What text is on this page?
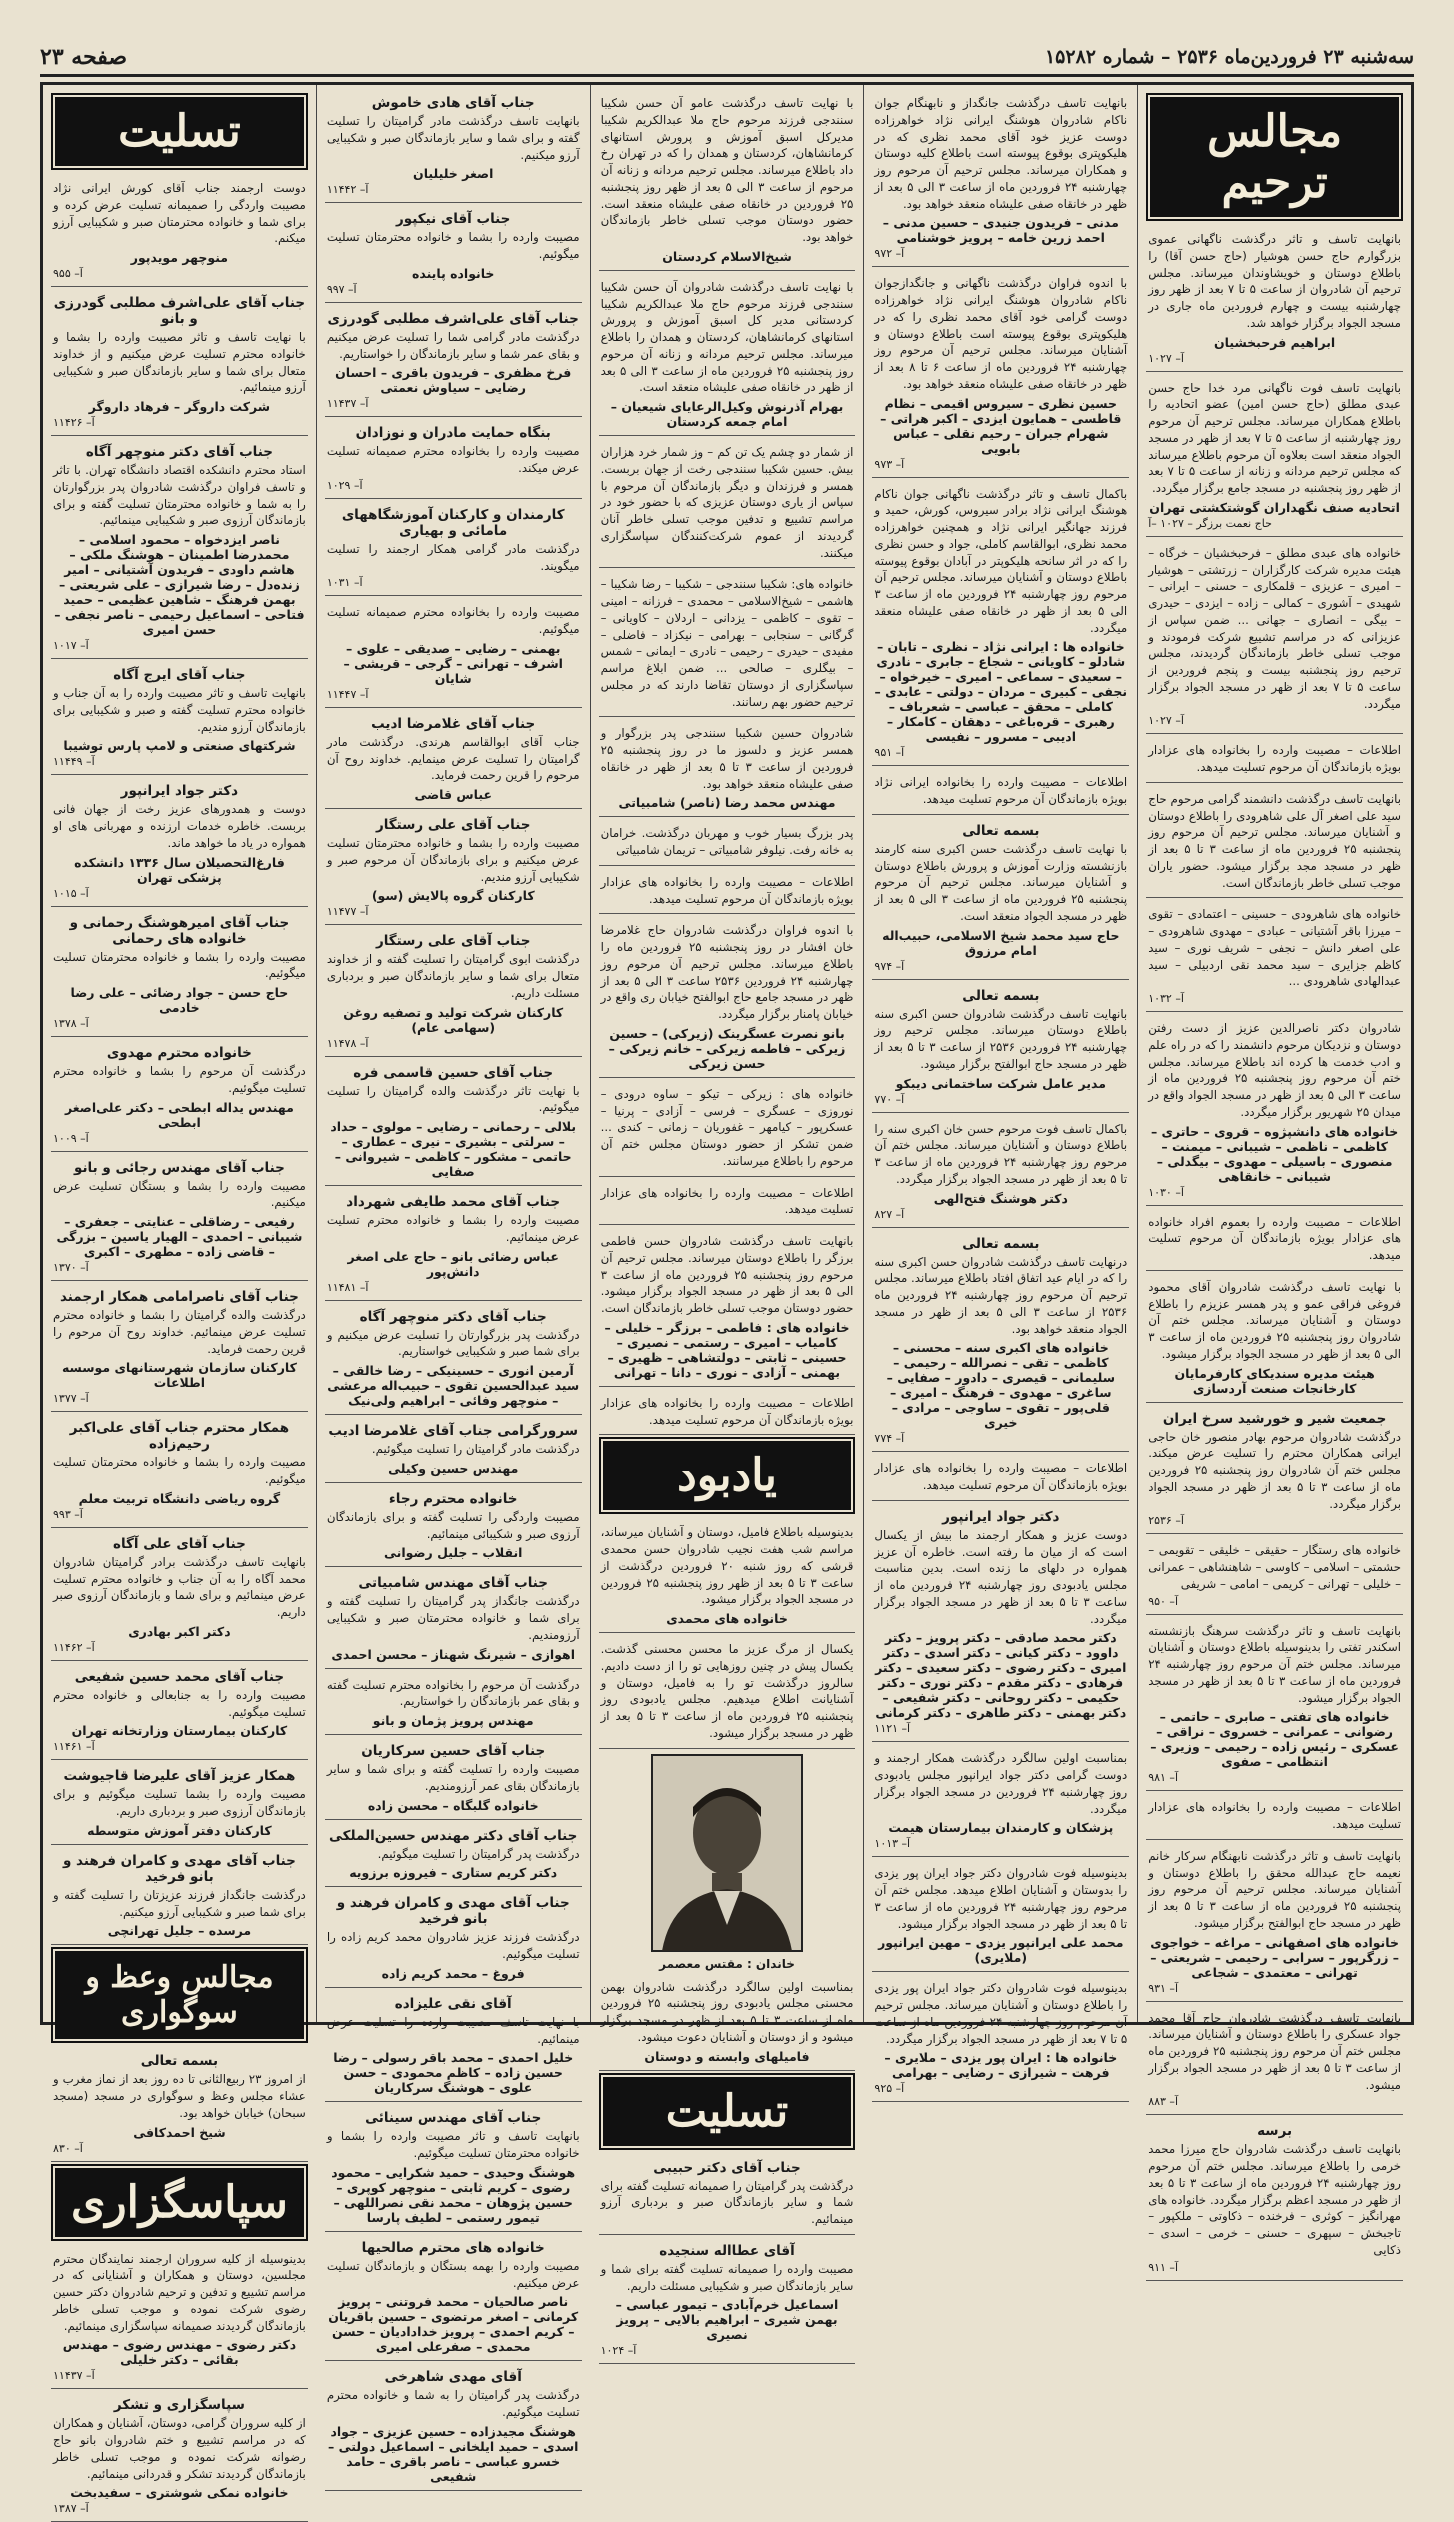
سه‌شنبه ۲۳ فروردین‌ماه ۲۵۳۶ – شماره ۱۵۲۸۲
صفحه ۲۳
مجالس ترحیم
بانهایت تاسف و تاثر درگذشت ناگهانی عموی بزرگوارم حاج حسن هوشیار (حاج حسن آقا) را باطلاع دوستان و خویشاوندان میرساند. مجلس ترحیم آن شادروان از ساعت ۵ تا ۷ بعد از ظهر روز چهارشنبه بیست و چهارم فروردین ماه جاری در مسجد الجواد برگزار خواهد شد.
ابراهیم فرحبخشیان
۱۰۲۷ –آ
بانهایت تاسف فوت ناگهانی مرد خدا حاج حسن عبدی مطلق (حاج حسن امین) عضو اتحادیه را باطلاع همکاران میرساند. مجلس ترحیم آن مرحوم روز چهارشنبه از ساعت ۵ تا ۷ بعد از ظهر در مسجد الجواد منعقد است بعلاوه آن مرحوم باطلاع میرساند که مجلس ترحیم مردانه و زنانه از ساعت ۵ تا ۷ بعد از ظهر روز پنجشنبه در مسجد جامع برگزار میگردد.
اتحادیه صنف نگهداران گوشتکشتی تهران
حاج نعمت برزگر – ۱۰۲۷ –آ
خانواده های عبدی مطلق – فرحبخشیان – خرگاه – هیئت مدیره شرکت کارگزاران – زرتشتی – هوشیار – امیری – عزیزی – قلمکاری – حسنی – ایرانی – شهیدی – آشوری – کمالی – زاده – ایزدی – حیدری – بیگی – انصاری – جهانی ... ضمن سپاس از عزیزانی که در مراسم تشییع شرکت فرمودند و موجب تسلی خاطر بازماندگان گردیدند، مجلس ترحیم روز پنجشنبه بیست و پنجم فروردین از ساعت ۵ تا ۷ بعد از ظهر در مسجد الجواد برگزار میگردد.
۱۰۲۷ –آ
اطلاعات – مصیبت وارده را بخانواده های عزادار بویژه بازماندگان آن مرحوم تسلیت میدهد.
بانهایت تاسف درگذشت دانشمند گرامی مرحوم حاج سید علی اصغر آل علی شاهرودی را باطلاع دوستان و آشنایان میرساند. مجلس ترحیم آن مرحوم روز پنجشنبه ۲۵ فروردین ماه از ساعت ۳ تا ۵ بعد از ظهر در مسجد مجد برگزار میشود. حضور یاران موجب تسلی خاطر بازماندگان است.
خانواده های شاهرودی – حسینی – اعتمادی – تقوی – میرزا باقر آشتیانی – عبادی – مهدوی شاهرودی – علی اصغر دانش – نجفی – شریف نوری – سید کاظم جزایری – سید محمد نقی اردبیلی – سید عبدالهادی شاهرودی ...
۱۰۳۲ –آ
شادروان دکتر ناصرالدین عزیز از دست رفتن دوستان و نزدیکان مرحوم دانشمند را که در راه علم و ادب خدمت ها کرده اند باطلاع میرساند. مجلس ختم آن مرحوم روز پنجشنبه ۲۵ فروردین ماه از ساعت ۳ الی ۵ بعد از ظهر در مسجد الجواد واقع در میدان ۲۵ شهریور برگزار میگردد.
خانواده های دانشپژوه – قروی – حاتری – کاظمی – ناظمی – شیبانی – میمنت – منصوری – باسیلی – مهدوی – بیگدلی – شیبانی – خانقاهی
۱۰۳۰ –آ
اطلاعات – مصیبت وارده را بعموم افراد خانواده های عزادار بویژه بازماندگان آن مرحوم تسلیت میدهد.
با نهایت تاسف درگذشت شادروان آقای محمود فروغی فراقی عمو و پدر همسر عزیزم را باطلاع دوستان و آشنایان میرساند. مجلس ختم آن شادروان روز پنجشنبه ۲۵ فروردین ماه از ساعت ۳ الی ۵ بعد از ظهر در مسجد الجواد برگزار میشود.
هیئت مدیره سندیکای کارفرمایان کارخانجات صنعت آردسازی
جمعیت شیر و خورشید سرخ ایران
درگذشت شادروان مرحوم بهادر منصور خان حاجی ایرانی همکاران محترم را تسلیت عرض میکند. مجلس ختم آن شادروان روز پنجشنبه ۲۵ فروردین ماه از ساعت ۳ تا ۵ بعد از ظهر در مسجد الجواد برگزار میگردد.
۲۵۳۶ –آ
خانواده های رستگار – حقیقی – خلیقی – تقویمی – حشمتی – اسلامی – کاوسی – شاهنشاهی – عمرانی – خلیلی – تهرانی – کریمی – امامی – شریفی
۹۵۰ –آ
بانهایت تاسف و تاثر درگذشت سرهنگ بازنشسته اسکندر تفتی را بدینوسیله باطلاع دوستان و آشنایان میرساند. مجلس ختم آن مرحوم روز چهارشنبه ۲۴ فروردین ماه از ساعت ۳ تا ۵ بعد از ظهر در مسجد الجواد برگزار میشود.
خانواده های تفتی – صابری – حاتمی – رضوانی – عمرانی – خسروی – نراقی – عسکری – رئیس زاده – رحیمی – وزیری – انتظامی – صفوی
۹۸۱ –آ
اطلاعات – مصیبت وارده را بخانواده های عزادار تسلیت میدهد.
بانهایت تاسف و تاثر درگذشت نابهنگام سرکار خانم نعیمه حاج عبدالله محقق را باطلاع دوستان و آشنایان میرساند. مجلس ترحیم آن مرحوم روز پنجشنبه ۲۵ فروردین ماه از ساعت ۳ تا ۵ بعد از ظهر در مسجد حاج ابوالفتح برگزار میشود.
خانواده های اصفهانی – مراغه – خواجوی – زرگرپور – سرابی – رحیمی – شریعتی – تهرانی – معتمدی – شجاعی
۹۳۱ –آ
بانهایت تاسف درگذشت شادروان حاج آقا محمد جواد عسکری را باطلاع دوستان و آشنایان میرساند. مجلس ختم آن مرحوم روز پنجشنبه ۲۵ فروردین ماه از ساعت ۳ تا ۵ بعد از ظهر در مسجد الجواد برگزار میشود.
۸۸۳ –آ
برسه
بانهایت تاسف درگذشت شادروان حاج میرزا محمد خرمی را باطلاع میرساند. مجلس ختم آن مرحوم روز چهارشنبه ۲۴ فروردین ماه از ساعت ۳ تا ۵ بعد از ظهر در مسجد اعظم برگزار میگردد. خانواده های مهرانگیز – کوثری – فرخنده – ذکاوتی – ملکپور – تاجبخش – سپهری – حسنی – خرمی – اسدی – ذکایی
۹۱۱ –آ
بانهایت تاسف درگذشت جانگداز و نابهنگام جوان ناکام شادروان هوشنگ ایرانی نژاد خواهرزاده دوست عزیز خود آقای محمد نظری که در هلیکوپتری بوقوع پیوسته است باطلاع کلیه دوستان و همکاران میرساند. مجلس ترحیم آن مرحوم روز چهارشنبه ۲۴ فروردین ماه از ساعت ۳ الی ۵ بعد از ظهر در خانقاه صفی علیشاه منعقد خواهد بود.
مدنی – فریدون جنیدی – حسین مدنی – احمد زرین خامه – پرویز خوشنامی
۹۷۲ –آ
با اندوه فراوان درگذشت ناگهانی و جانگدازجوان ناکام شادروان هوشنگ ایرانی نژاد خواهرزاده دوست گرامی خود آقای محمد نظری را که در هلیکوپتری بوقوع پیوسته است باطلاع دوستان و آشنایان میرساند. مجلس ترحیم آن مرحوم روز چهارشنبه ۲۴ فروردین ماه از ساعت ۶ تا ۸ بعد از ظهر در خانقاه صفی علیشاه منعقد خواهد بود.
حسین نظری – سیروس اقیمی – نظام قاطسی – همایون ایزدی – اکبر هراتی – شهرام جبران – رحیم نقلی – عباس بابویی
۹۷۳ –آ
باکمال تاسف و تاثر درگذشت ناگهانی جوان ناکام هوشنگ ایرانی نژاد برادر سیروس، کورش، حمید و فرزند جهانگیر ایرانی نژاد و همچنین خواهرزاده محمد نظری، ابوالقاسم کاملی، جواد و حسن نظری را که در اثر سانحه هلیکوپتر در آبادان بوقوع پیوسته باطلاع دوستان و آشنایان میرساند. مجلس ترحیم آن مرحوم روز چهارشنبه ۲۴ فروردین ماه از ساعت ۳ الی ۵ بعد از ظهر در خانقاه صفی علیشاه منعقد میگردد.
خانواده ها : ایرانی نژاد – نظری – تابان – شادلو – کاویانی – شجاع – جابری – نادری – سعیدی – سماعی – امیری – خیرخواه – نجفی – کبیری – مردان – دولتی – عابدی – کاملی – محقق – عباسی – شعرباف – رهبری – قره‌باغی – دهقان – کامکار – ادیبی – مسرور – نفیسی
۹۵۱ –آ
اطلاعات – مصیبت وارده را بخانواده ایرانی نژاد بویژه بازماندگان آن مرحوم تسلیت میدهد.
بسمه تعالی
با نهایت تاسف درگذشت حسن اکبری سنه کارمند بازنشسته وزارت آموزش و پرورش باطلاع دوستان و آشنایان میرساند. مجلس ترحیم آن مرحوم پنجشنبه ۲۵ فروردین ماه از ساعت ۳ الی ۵ بعد از ظهر در مسجد الجواد منعقد است.
حاج سید محمد شیخ الاسلامی، حبیب‌اله امام مرزوق
۹۷۴ –آ
بسمه تعالی
بانهایت تاسف درگذشت شادروان حسن اکبری سنه باطلاع دوستان میرساند. مجلس ترحیم روز چهارشنبه ۲۴ فروردین ۲۵۳۶ از ساعت ۳ تا ۵ بعد از ظهر در مسجد حاج ابوالفتح برگزار میشود.
مدیر عامل شرکت ساختمانی دیبکو
۷۷۰ –آ
باکمال تاسف فوت مرحوم حسن خان اکبری سنه را باطلاع دوستان و آشنایان میرساند. مجلس ختم آن مرحوم روز چهارشنبه ۲۴ فروردین ماه از ساعت ۳ تا ۵ بعد از ظهر در مسجد الجواد برگزار میگردد.
دکتر هوشنگ فتح‌الهی
۸۲۷ –آ
بسمه تعالی
درنهایت تاسف درگذشت شادروان حسن اکبری سنه را که در ایام عید اتفاق افتاد باطلاع میرساند. مجلس ترحیم آن مرحوم روز چهارشنبه ۲۴ فروردین ماه ۲۵۳۶ از ساعت ۳ الی ۵ بعد از ظهر در مسجد الجواد منعقد خواهد بود.
خانواده های اکبری سنه – محسنی – کاظمی – تقی – نصرالله – رحیمی – سلیمانی – قیصری – دادور – صفایی – ساغری – مهدوی – فرهنگ – امیری – قلی‌پور – تقوی – ساوجی – مرادی – خیری
۷۷۴ –آ
اطلاعات – مصیبت وارده را بخانواده های عزادار بویژه بازماندگان آن مرحوم تسلیت میدهد.
دکتر جواد ایرانپور
دوست عزیز و همکار ارجمند ما بیش از یکسال است که از میان ما رفته است. خاطره آن عزیز همواره در دلهای ما زنده است. بدین مناسبت مجلس یادبودی روز چهارشنبه ۲۴ فروردین ماه از ساعت ۳ تا ۵ بعد از ظهر در مسجد الجواد برگزار میگردد.
دکتر محمد صادقی – دکتر پرویز – دکتر داوود – دکتر کیانی – دکتر اسدی – دکتر امیری – دکتر رضوی – دکتر سعیدی – دکتر فرهادی – دکتر مقدم – دکتر نوری – دکتر حکیمی – دکتر روحانی – دکتر شفیعی – دکتر بهمنی – دکتر طاهری – دکتر کرمانی
۱۱۲۱ –آ
بمناسبت اولین سالگرد درگذشت همکار ارجمند و دوست گرامی دکتر جواد ایرانپور مجلس یادبودی روز چهارشنبه ۲۴ فروردین در مسجد الجواد برگزار میگردد.
پزشکان و کارمندان بیمارستان هیمت
۱۰۱۳ –آ
بدینوسیله فوت شادروان دکتر جواد ایران پور یزدی را بدوستان و آشنایان اطلاع میدهد. مجلس ختم آن مرحوم روز چهارشنبه ۲۴ فروردین ماه از ساعت ۳ تا ۵ بعد از ظهر در مسجد الجواد برگزار میشود.
محمد علی ایرانپور یزدی – مهین ایرانپور (ملایری)
بدینوسیله فوت شادروان دکتر جواد ایران پور یزدی را باطلاع دوستان و آشنایان میرساند. مجلس ترحیم آن مرحوم روز چهارشنبه ۲۴ فروردین ماه از ساعت ۵ تا ۷ بعد از ظهر در مسجد الجواد برگزار میگردد.
خانواده ها : ایران پور یزدی – ملایری – فرهت – شیرازی – رضایی – بهرامی
۹۲۵ –آ
با نهایت تاسف درگذشت عامو آن حسن شکیبا سنندجی فرزند مرحوم حاج ملا عبدالکریم شکیبا مدیرکل اسبق آموزش و پرورش استانهای کرمانشاهان، کردستان و همدان را که در تهران رخ داد باطلاع میرساند. مجلس ترحیم مردانه و زنانه آن مرحوم از ساعت ۳ الی ۵ بعد از ظهر روز پنجشنبه ۲۵ فروردین در خانقاه صفی علیشاه منعقد است. حضور دوستان موجب تسلی خاطر بازماندگان خواهد بود.
شیخ‌الاسلام کردستان
با نهایت تاسف درگذشت شادروان آن حسن شکیبا سنندجی فرزند مرحوم حاج ملا عبدالکریم شکیبا کردستانی مدیر کل اسبق آموزش و پرورش استانهای کرمانشاهان، کردستان و همدان را باطلاع میرساند. مجلس ترحیم مردانه و زنانه آن مرحوم روز پنجشنبه ۲۵ فروردین ماه از ساعت ۳ الی ۵ بعد از ظهر در خانقاه صفی علیشاه منعقد است.
بهرام آذرنوش وکیل‌الرعایای شیعیان – امام جمعه کردستان
از شمار دو چشم یک تن کم – وز شمار خرد هزاران بیش. حسین شکیبا سنندجی رخت از جهان بربست. همسر و فرزندان و دیگر بازماندگان آن مرحوم با سپاس از یاری دوستان عزیزی که با حضور خود در مراسم تشییع و تدفین موجب تسلی خاطر آنان گردیدند از عموم شرکت‌کنندگان سپاسگزاری میکنند.
خانواده های: شکیبا سنندجی – شکیبا – رضا شکیبا – هاشمی – شیخ‌الاسلامی – محمدی – فرزانه – امینی – تقوی – کاظمی – یزدانی – اردلان – کاویانی – گرگانی – سنجابی – بهرامی – نیکزاد – فاضلی – مفیدی – حیدری – رحیمی – نادری – ایمانی – شمس – بیگلری – صالحی ... ضمن ابلاغ مراسم سپاسگزاری از دوستان تقاضا دارند که در مجلس ترحیم حضور بهم رسانند.
شادروان حسین شکیبا سنندجی پدر بزرگوار و همسر عزیز و دلسوز ما در روز پنجشنبه ۲۵ فروردین از ساعت ۳ تا ۵ بعد از ظهر در خانقاه صفی علیشاه منعقد خواهد بود.
مهندس محمد رضا (ناصر) شامبیاتی
پدر بزرگ بسیار خوب و مهربان درگذشت. خرامان به خانه رفت. نیلوفر شامبیاتی – تریمان شامبیاتی
اطلاعات – مصیبت وارده را بخانواده های عزادار بویژه بازماندگان آن مرحوم تسلیت میدهد.
با اندوه فراوان درگذشت شادروان حاج غلامرضا خان افشار در روز پنجشنبه ۲۵ فروردین ماه را باطلاع میرساند. مجلس ترحیم آن مرحوم روز چهارشنبه ۲۴ فروردین ۲۵۳۶ ساعت ۳ الی ۵ بعد از ظهر در مسجد جامع حاج ابوالفتح خیابان ری واقع در خیابان پامنار برگزار میگردد.
بانو نصرت عسگرینک (زیرکی) – حسین زیرکی – فاطمه زیرکی – خانم زیرکی – حسن زیرکی
خانواده های : زیرکی – تیکو – ساوه درودی – نوروزی – عسگری – فرسی – آزادی – پرنیا – عسکرپور – کیامهر – غفوریان – زمانی – کندی ... ضمن تشکر از حضور دوستان مجلس ختم آن مرحوم را باطلاع میرسانند.
اطلاعات – مصیبت وارده را بخانواده های عزادار تسلیت میدهد.
بانهایت تاسف درگذشت شادروان حسن فاطمی برزگر را باطلاع دوستان میرساند. مجلس ترحیم آن مرحوم روز پنجشنبه ۲۵ فروردین ماه از ساعت ۳ الی ۵ بعد از ظهر در مسجد الجواد برگزار میشود. حضور دوستان موجب تسلی خاطر بازماندگان است.
خانواده های : فاطمی – برزگر – خلیلی – کامیاب – امیری – رستمی – نصیری – حسینی – ثابتی – دولتشاهی – ظهیری – بهمنی – آزادی – نوری – دانا – تهرانی
اطلاعات – مصیبت وارده را بخانواده های عزادار بویژه بازماندگان آن مرحوم تسلیت میدهد.
یادبود
بدینوسیله باطلاع فامیل، دوستان و آشنایان میرساند، مراسم شب هفت نجیب شادروان حسن محمدی قرشی که روز شنبه ۲۰ فروردین درگذشت از ساعت ۳ تا ۵ بعد از ظهر روز پنجشنبه ۲۵ فروردین در مسجد الجواد برگزار میشود.
خانواده های محمدی
یکسال از مرگ عزیز ما محسن محسنی گذشت. یکسال پیش در چنین روزهایی تو را از دست دادیم. سالروز درگذشت تو را به فامیل، دوستان و آشنایانت اطلاع میدهیم. مجلس یادبودی روز پنجشنبه ۲۵ فروردین ماه از ساعت ۳ تا ۵ بعد از ظهر در مسجد برگزار میشود.
خاندان : مقتس معصمر
بمناسبت اولین سالگرد درگذشت شادروان بهمن محسنی مجلس یادبودی روز پنجشنبه ۲۵ فروردین ماه از ساعت ۳ تا ۵ بعد از ظهر در مسجد برگزار میشود و از دوستان و آشنایان دعوت میشود.
فامیلهای وابسته و دوستان
تسلیت
جناب آقای دکتر حبیبی
درگذشت پدر گرامیتان را صمیمانه تسلیت گفته برای شما و سایر بازماندگان صبر و بردباری آرزو مینمائیم.
آقای عطااله سنجیده
مصیبت وارده را صمیمانه تسلیت گفته برای شما و سایر بازماندگان صبر و شکیبایی مسئلت داریم.
اسماعیل خرم‌آبادی – تیمور عباسی – بهمن شیری – ابراهیم بالایی – پرویز نصیری
۱۰۲۴ –آ
جناب آقای هادی خاموش
بانهایت تاسف درگذشت مادر گرامیتان را تسلیت گفته و برای شما و سایر بازماندگان صبر و شکیبایی آرزو میکنیم.
اصغر خلیلیان
۱۱۴۴۲ –آ
جناب آقای نیکپور
مصیبت وارده را بشما و خانواده محترمتان تسلیت میگوئیم.
خانواده پاینده
۹۹۷ –آ
جناب آقای علی‌اشرف مطلبی گودرزی
درگذشت مادر گرامی شما را تسلیت عرض میکنیم و بقای عمر شما و سایر بازماندگان را خواستاریم.
فرخ مظفری – فریدون باقری – احسان رضایی – سیاوش نعمتی
۱۱۴۳۷ –آ
بنگاه حمایت مادران و نوزادان
مصیبت وارده را بخانواده محترم صمیمانه تسلیت عرض میکند.
۱۰۲۹ –آ
کارمندان و کارکنان آموزشگاههای مامائی و بهیاری
درگذشت مادر گرامی همکار ارجمند را تسلیت میگویند.
۱۰۳۱ –آ
مصیبت وارده را بخانواده محترم صمیمانه تسلیت میگوئیم.
بهمنی – رضایی – صدیقی – علوی – اشرف – تهرانی – گرجی – قریشی – شایان
۱۱۴۴۷ –آ
جناب آقای غلامرضا ادیب
جناب آقای ابوالقاسم هرندی. درگذشت مادر گرامیتان را تسلیت عرض مینمایم. خداوند روح آن مرحوم را قرین رحمت فرماید.
عباس قاضی
جناب آقای علی رستگار
مصیبت وارده را بشما و خانواده محترمتان تسلیت عرض میکنیم و برای بازماندگان آن مرحوم صبر و شکیبایی آرزو مندیم.
کارکنان گروه پالایش (سو)
۱۱۴۷۷ –آ
جناب آقای علی رستگار
درگذشت ابوی گرامیتان را تسلیت گفته و از خداوند متعال برای شما و سایر بازماندگان صبر و بردباری مسئلت داریم.
کارکنان شرکت تولید و تصفیه روغن (سهامی عام)
۱۱۴۷۸ –آ
جناب آقای حسین قاسمی فره
با نهایت تاثر درگذشت والده گرامیتان را تسلیت میگوئیم.
بلالی – رحمانی – رضایی – مولوی – حداد – سرلتی – بشیری – نیری – عطاری – حاتمی – مشکور – کاظمی – شیروانی – صفایی
جناب آقای محمد طایفی شهرداد
مصیبت وارده را بشما و خانواده محترم تسلیت عرض مینمائیم.
عباس رضائی بانو – حاج علی اصغر دانش‌پور
۱۱۴۸۱ –آ
جناب آقای دکتر منوچهر آگاه
درگذشت پدر بزرگوارتان را تسلیت عرض میکنیم و برای شما صبر و شکیبایی خواستاریم.
آرمین انوری – حسینیکی – رضا خالقی – سید عبدالحسین تقوی – حبیب‌اله مرعشی – منوچهر وفائی – ابراهیم ولی‌نیک
سرورگرامی جناب آقای غلامرضا ادیب
درگذشت مادر گرامیتان را تسلیت میگوئیم.
مهندس حسین وکیلی
خانواده محترم رجاء
مصیبت واردگی را تسلیت گفته و برای بازماندگان آرزوی صبر و شکیبائی مینمائیم.
انقلاب – جلیل رضوانی
جناب آقای مهندس شامبیاتی
درگذشت جانگداز پدر گرامیتان را تسلیت گفته و برای شما و خانواده محترمتان صبر و شکیبایی آرزومندیم.
اهوازی – شیرنگ شهناز – محسن احمدی
درگذشت آن مرحوم را بخانواده محترم تسلیت گفته و بقای عمر بازماندگان را خواستاریم.
مهندس پرویز پژمان و بانو
جناب آقای حسین سرکاریان
مصیبت وارده را تسلیت گفته و برای شما و سایر بازماندگان بقای عمر آرزومندیم.
خانواده گلبگاه – محسن زاده
جناب آقای دکتر مهندس حسین‌الملکی
درگذشت پدر گرامیتان را تسلیت میگوئیم.
دکتر کریم ستاری – فیروزه برزویه
جناب آقای مهدی و کامران فرهند و بانو فرخید
درگذشت فرزند عزیز شادروان محمد کریم زاده را تسلیت میگوئیم.
فروغ – محمد کریم زاده
آقای نقی علیزاده
با نهایت تاسف مصیبت وارده را تسلیت عرض مینمائیم.
خلیل احمدی – محمد باقر رسولی – رضا حسین زاده – کاظم محمودی – حسن علوی – هوشنگ سرکاریان
جناب آقای مهندس سینائی
بانهایت تاسف و تاثر مصیبت وارده را بشما و خانواده محترمتان تسلیت میگوئیم.
هوشنگ وحیدی – حمید شکرایی – محمود رضوی – کریم ثابتی – منوچهر کوپری – حسین پژوهان – محمد نقی نصراللهی – تیمور رستمی – لطیف پارسا
خانواده های محترم صالحیها
مصیبت وارده را بهمه بستگان و بازماندگان تسلیت عرض میکنیم.
ناصر صالحیان – محمد فروتنی – پرویز کرمانی – اصغر مرتضوی – حسین باقریان – کریم احمدی – پرویز خدادادیان – حسن محمدی – صفرعلی امیری
آقای مهدی شاهرخی
درگذشت پدر گرامیتان را به شما و خانواده محترم تسلیت میگوئیم.
هوشنگ مجیدزاده – حسین عزیزی – جواد اسدی – حمید ایلخانی – اسماعیل دولتی – خسرو عباسی – ناصر باقری – حامد شفیعی
تسلیت
دوست ارجمند جناب آقای کورش ایرانی نژاد مصیبت واردگی را صمیمانه تسلیت عرض کرده و برای شما و خانواده محترمتان صبر و شکیبایی آرزو میکنم.
منوچهر مویدپور
۹۵۵ –آ
جناب آقای علی‌اشرف مطلبی گودرزی و بانو
با نهایت تاسف و تاثر مصیبت وارده را بشما و خانواده محترم تسلیت عرض میکنیم و از خداوند متعال برای شما و سایر بازماندگان صبر و شکیبایی آرزو مینمائیم.
شرکت داروگر – فرهاد داروگر
۱۱۴۲۶ –آ
جناب آقای دکتر منوچهر آگاه
استاد محترم دانشکده اقتصاد دانشگاه تهران. با تاثر و تاسف فراوان درگذشت شادروان پدر بزرگوارتان را به شما و خانواده محترمتان تسلیت گفته و برای بازماندگان آرزوی صبر و شکیبایی مینمائیم.
ناصر ایزدخواه – محمود اسلامی – محمدرضا اطمینان – هوشنگ ملکی – هاشم داودی – فریدون آشتیانی – امیر زنده‌دل – رضا شیرازی – علی شریعتی – بهمن فرهنگ – شاهین عظیمی – حمید فتاحی – اسماعیل رحیمی – ناصر نجفی – حسن امیری
۱۰۱۷ –آ
جناب آقای ایرج آگاه
بانهایت تاسف و تاثر مصیبت وارده را به آن جناب و خانواده محترم تسلیت گفته و صبر و شکیبایی برای بازماندگان آرزو مندیم.
شرکتهای صنعتی و لامپ پارس توشیبا
۱۱۴۴۹ –آ
دکتر جواد ایرانپور
دوست و همدورهای عزیز رخت از جهان فانی بربست. خاطره خدمات ارزنده و مهربانی های او همواره در یاد ما خواهد ماند.
فارغ‌التحصیلان سال ۱۳۳۶ دانشکده پزشکی تهران
۱۰۱۵ –آ
جناب آقای امیرهوشنگ رحمانی و خانواده های رحمانی
مصیبت وارده را بشما و خانواده محترمتان تسلیت میگوئیم.
حاج حسن – جواد رضائی – علی رضا خادمی
۱۳۷۸ –آ
خانواده محترم مهدوی
درگذشت آن مرحوم را بشما و خانواده محترم تسلیت میگوئیم.
مهندس یداله ابطحی – دکتر علی‌اصغر ابطحی
۱۰۰۹ –آ
جناب آقای مهندس رجائی و بانو
مصیبت وارده را بشما و بستگان تسلیت عرض میکنیم.
رفیعی – رضاقلی – عنایتی – جعفری – شیبانی – احمدی – الهیار یاسین – بزرگی – قاضی زاده – مطهری – اکبری
۱۳۷۰ –آ
جناب آقای ناصرامامی همکار ارجمند
درگذشت والده گرامیتان را بشما و خانواده محترم تسلیت عرض مینمائیم. خداوند روح آن مرحوم را قرین رحمت فرماید.
کارکنان سازمان شهرستانهای موسسه اطلاعات
۱۳۷۷ –آ
همکار محترم جناب آقای علی‌اکبر رحیم‌زاده
مصیبت وارده را بشما و خانواده محترمتان تسلیت میگوئیم.
گروه ریاضی دانشگاه تربیت معلم
۹۹۳ –آ
جناب آقای علی آگاه
بانهایت تاسف درگذشت برادر گرامیتان شادروان محمد آگاه را به آن جناب و خانواده محترم تسلیت عرض مینمائیم و برای شما و بازماندگان آرزوی صبر داریم.
دکتر اکبر بهادری
۱۱۴۶۲ –آ
جناب آقای محمد حسین شفیعی
مصیبت وارده را به جنابعالی و خانواده محترم تسلیت میگوئیم.
کارکنان بیمارستان وزارتخانه تهران
۱۱۴۶۱ –آ
همکار عزیز آقای علیرضا قاجیوشت
مصیبت وارده را بشما تسلیت میگوئیم و برای بازماندگان آرزوی صبر و بردباری داریم.
کارکنان دفتر آموزش متوسطه
جناب آقای مهدی و کامران فرهند و بانو فرخید
درگذشت جانگداز فرزند عزیزتان را تسلیت گفته و برای شما صبر و شکیبایی آرزو میکنیم.
مرسده – جلیل تهرانچی
مجالس وعظ و سوگواری
بسمه تعالی
از امروز ۲۳ ربیع‌الثانی تا ده روز بعد از نماز مغرب و عشاء مجلس وعظ و سوگواری در مسجد (مسجد سبحان) خیابان خواهد بود.
شیخ احمدکافی
۸۳۰ –آ
سپاسگزاری
بدینوسیله از کلیه سروران ارجمند نمایندگان محترم مجلسین، دوستان و همکاران و آشنایانی که در مراسم تشییع و تدفین و ترحیم شادروان دکتر حسین رضوی شرکت نموده و موجب تسلی خاطر بازماندگان گردیدند صمیمانه سپاسگزاری مینمائیم.
دکتر رضوی – مهندس رضوی – مهندس بقائی – دکتر خلیلی
۱۱۴۳۷ –آ
سپاسگزاری و تشکر
از کلیه سروران گرامی، دوستان، آشنایان و همکاران که در مراسم تشییع و ختم شادروان بانو حاج رضوانه شرکت نموده و موجب تسلی خاطر بازماندگان گردیدند تشکر و قدردانی مینمائیم.
خانواده نمکی شوشتری – سفیدبخت
۱۳۸۷ –آ
